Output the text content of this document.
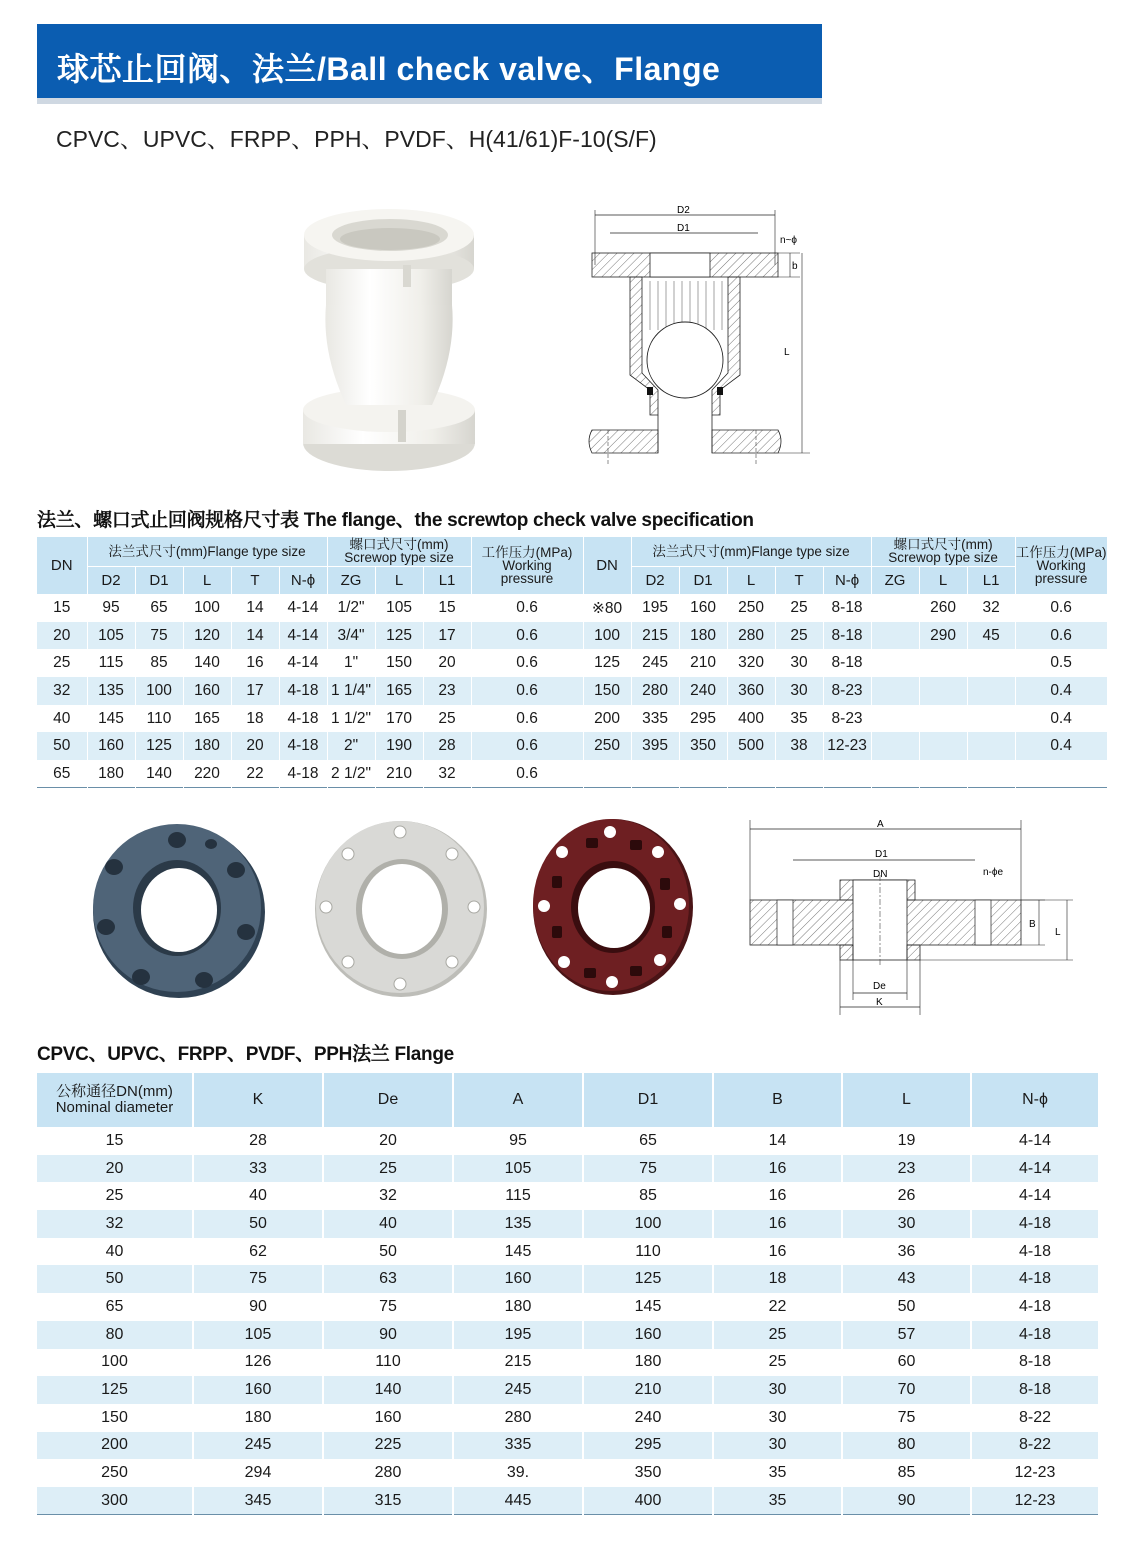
球芯止回阀、法兰/Ball check valve、Flange
CPVC、UPVC、FRPP、PPH、PVDF、H(41/61)F-10(S/F)
D2
D1
n~ϕ
b
L
法兰、螺口式止回阀规格尺寸表 The flange、the screwtop check valve specification
DN	法兰式尺寸(mm)Flange type size					螺口式尺寸(mm)
Screwop type size			工作压力(MPa)
Working
pressure	DN	法兰式尺寸(mm)Flange type size					螺口式尺寸(mm)
Screwop type size			工作压力(MPa)
Working
pressure
	D2	D1	L	T	N-ϕ	ZG	L	L1			D2	D1	L	T	N-ϕ	ZG	L	L1	
15	95	65	100	14	4-14	1/2"	105	15	0.6	※80	195	160	250	25	8-18		260	32	0.6
20	105	75	120	14	4-14	3/4"	125	17	0.6	100	215	180	280	25	8-18		290	45	0.6
25	115	85	140	16	4-14	1"	150	20	0.6	125	245	210	320	30	8-18				0.5
32	135	100	160	17	4-18	1 1/4"	165	23	0.6	150	280	240	360	30	8-23				0.4
40	145	110	165	18	4-18	1 1/2"	170	25	0.6	200	335	295	400	35	8-23				0.4
50	160	125	180	20	4-18	2"	190	28	0.6	250	395	350	500	38	12-23				0.4
65	180	140	220	22	4-18	2 1/2"	210	32	0.6										
A
D1
DN	n-ϕe
De
K
B
L
CPVC、UPVC、FRPP、PVDF、PPH法兰 Flange
公称通径DN(mm)
Nominal diameter	K	De	A	D1	B	L	N-ϕ
15	28	20	95	65	14	19	4-14
20	33	25	105	75	16	23	4-14
25	40	32	115	85	16	26	4-14
32	50	40	135	100	16	30	4-18
40	62	50	145	110	16	36	4-18
50	75	63	160	125	18	43	4-18
65	90	75	180	145	22	50	4-18
80	105	90	195	160	25	57	4-18
100	126	110	215	180	25	60	8-18
125	160	140	245	210	30	70	8-18
150	180	160	280	240	30	75	8-22
200	245	225	335	295	30	80	8-22
250	294	280	39.	350	35	85	12-23
300	345	315	445	400	35	90	12-23
